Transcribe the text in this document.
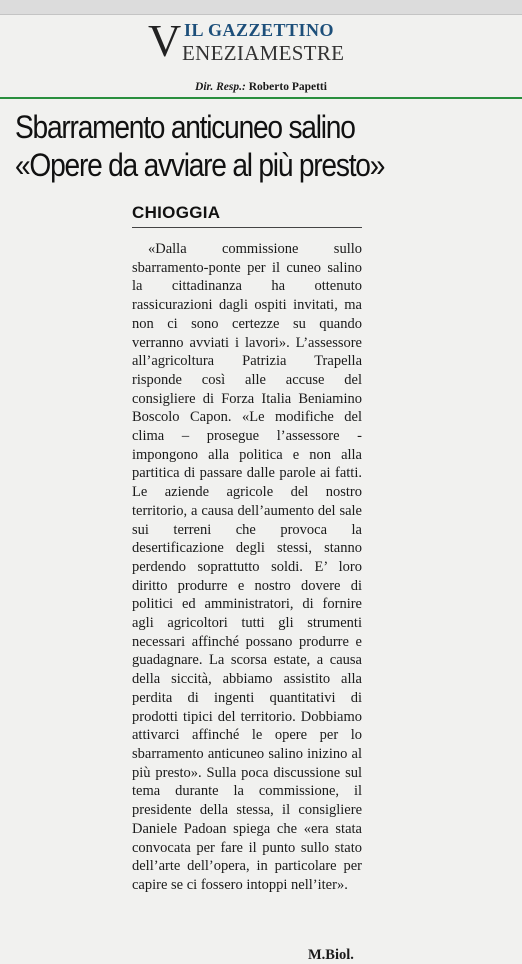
V IL GAZZETTINO
ENEZIAMESTRE
Dir. Resp.: Roberto Papetti
Sbarramento anticuneo salino
«Opere da avviare al più presto»
CHIOGGIA

«Dalla commissione sullo sbarramento-ponte per il cuneo salino la cittadinanza ha ottenuto rassicurazioni dagli ospiti invitati, ma non ci sono certezze su quando verranno avviati i lavori». L’assessore all’agricoltura Patrizia Trapella risponde così alle accuse del consigliere di Forza Italia Beniamino Boscolo Capon. «Le modifiche del clima – prosegue l’assessore - impongono alla politica e non alla partitica di passare dalle parole ai fatti. Le aziende agricole del nostro territorio, a causa dell’aumento del sale sui terreni che provoca la desertificazione degli stessi, stanno perdendo soprattutto soldi. E’ loro diritto produrre e nostro dovere di politici ed amministratori, di fornire agli agricoltori tutti gli strumenti necessari affinché possano produrre e guadagnare. La scorsa estate, a causa della siccità, abbiamo assistito alla perdita di ingenti quantitativi di prodotti tipici del territorio. Dobbiamo attivarci affinché le opere per lo sbarramento anticuneo salino inizino al più presto». Sulla poca discussione sul tema durante la commissione, il presidente della stessa, il consigliere Daniele Padoan spiega che «era stata convocata per fare il punto sullo stato dell’arte dell’opera, in particolare per capire se ci fossero intoppi nell’iter».

M.Biol.
